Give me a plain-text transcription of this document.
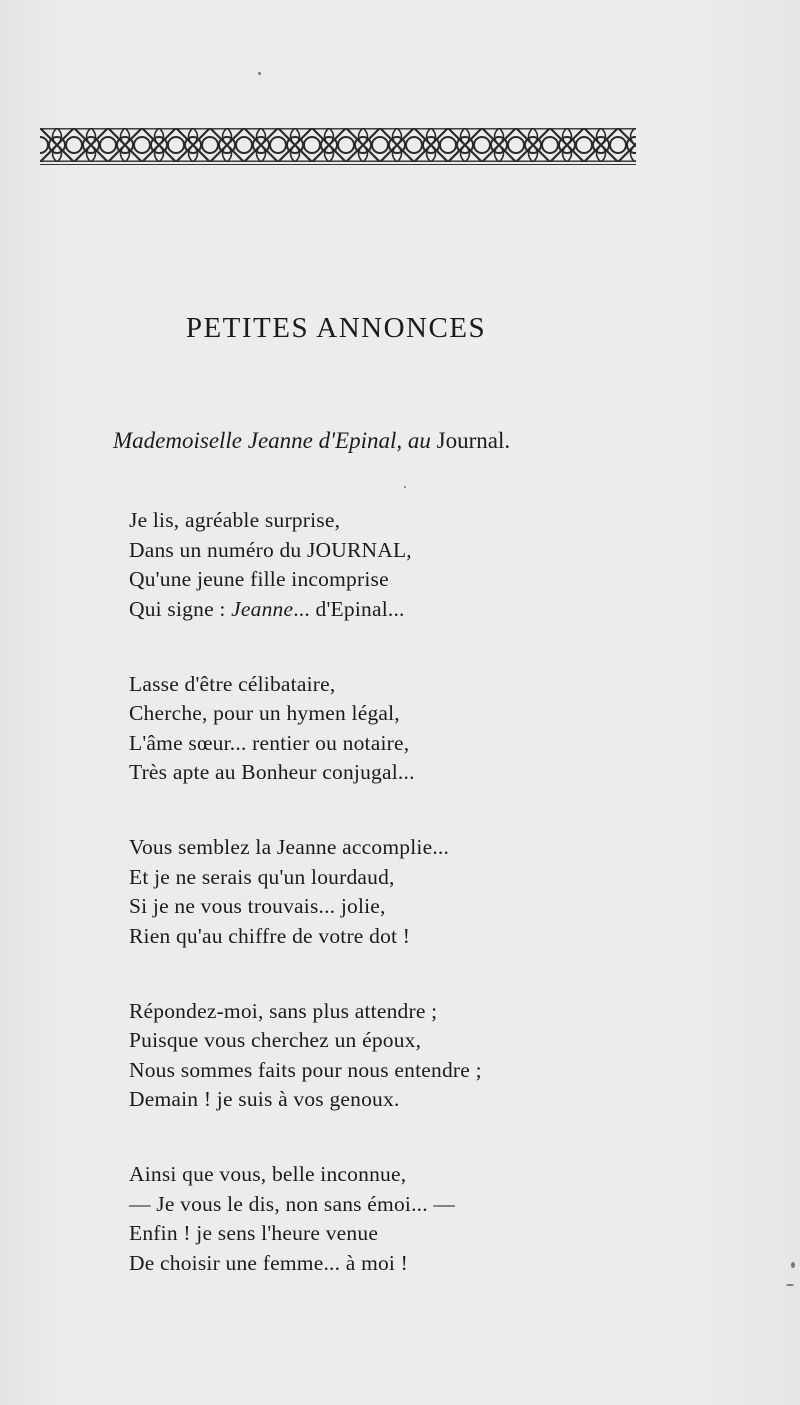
PETITES ANNONCES
Mademoiselle Jeanne d'Epinal, au Journal.
Je lis, agréable surprise,
Dans un numéro du JOURNAL,
Qu'une jeune fille incomprise
Qui signe : Jeanne... d'Epinal...
Lasse d'être célibataire,
Cherche, pour un hymen légal,
L'âme sœur... rentier ou notaire,
Très apte au Bonheur conjugal...
Vous semblez la Jeanne accomplie...
Et je ne serais qu'un lourdaud,
Si je ne vous trouvais... jolie,
Rien qu'au chiffre de votre dot !
Répondez-moi, sans plus attendre ;
Puisque vous cherchez un époux,
Nous sommes faits pour nous entendre ;
Demain ! je suis à vos genoux.
Ainsi que vous, belle inconnue,
— Je vous le dis, non sans émoi... —
Enfin ! je sens l'heure venue
De choisir une femme... à moi !
